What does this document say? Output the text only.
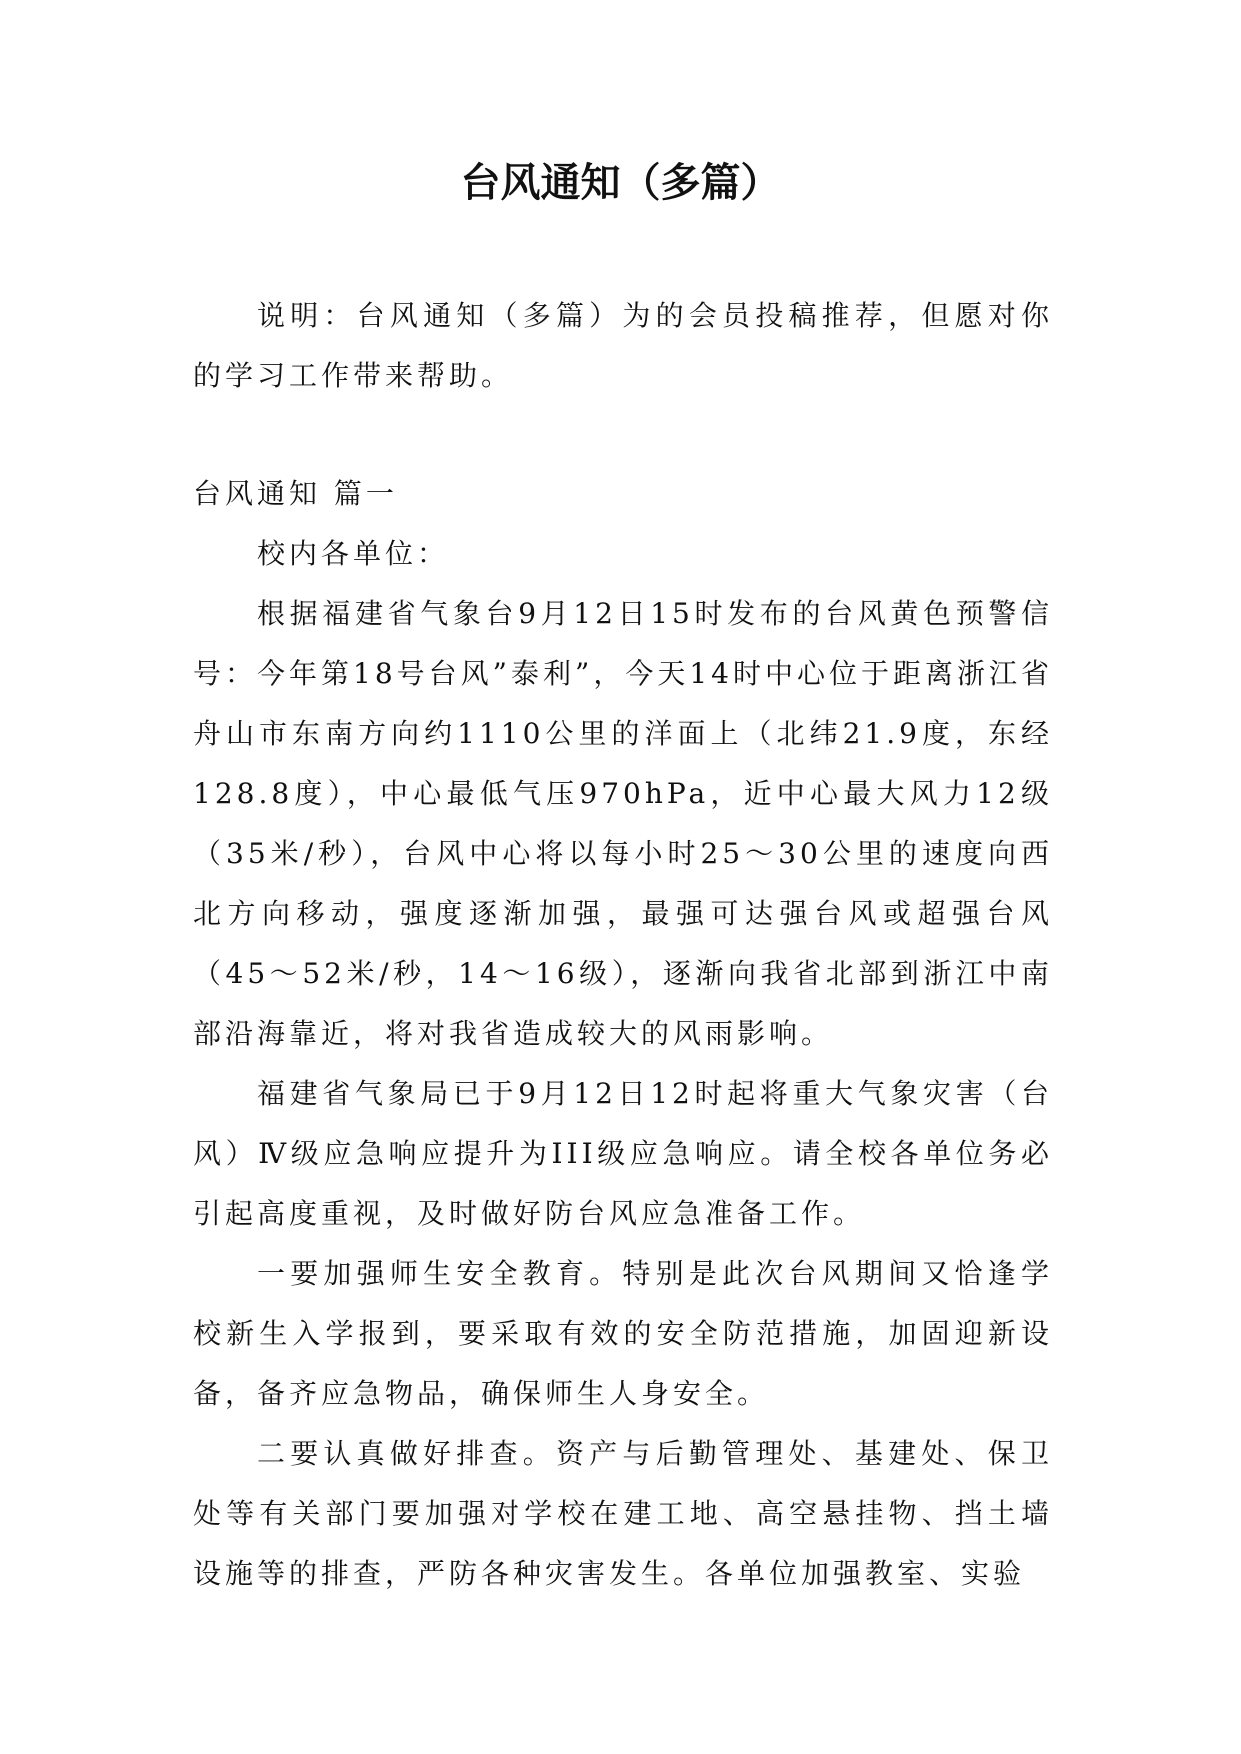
台风通知（多篇）

说明：台风通知（多篇）为的会员投稿推荐，但愿对你的学习工作带来帮助。

台风通知 篇一

校内各单位：

根据福建省气象台9月12日15时发布的台风黄色预警信号：今年第18号台风”泰利”，今天14时中心位于距离浙江省舟山市东南方向约1110公里的洋面上（北纬21.9度，东经128.8度），中心最低气压970hPa，近中心最大风力12级（35米/秒），台风中心将以每小时25～30公里的速度向西北方向移动，强度逐渐加强，最强可达强台风或超强台风（45～52米/秒，14～16级），逐渐向我省北部到浙江中南部沿海靠近，将对我省造成较大的风雨影响。

福建省气象局已于9月12日12时起将重大气象灾害（台风）Ⅳ级应急响应提升为III级应急响应。请全校各单位务必引起高度重视，及时做好防台风应急准备工作。

一要加强师生安全教育。特别是此次台风期间又恰逢学校新生入学报到，要采取有效的安全防范措施，加固迎新设备，备齐应急物品，确保师生人身安全。

二要认真做好排查。资产与后勤管理处、基建处、保卫处等有关部门要加强对学校在建工地、高空悬挂物、挡土墙设施等的排查，严防各种灾害发生。各单位加强教室、实验
